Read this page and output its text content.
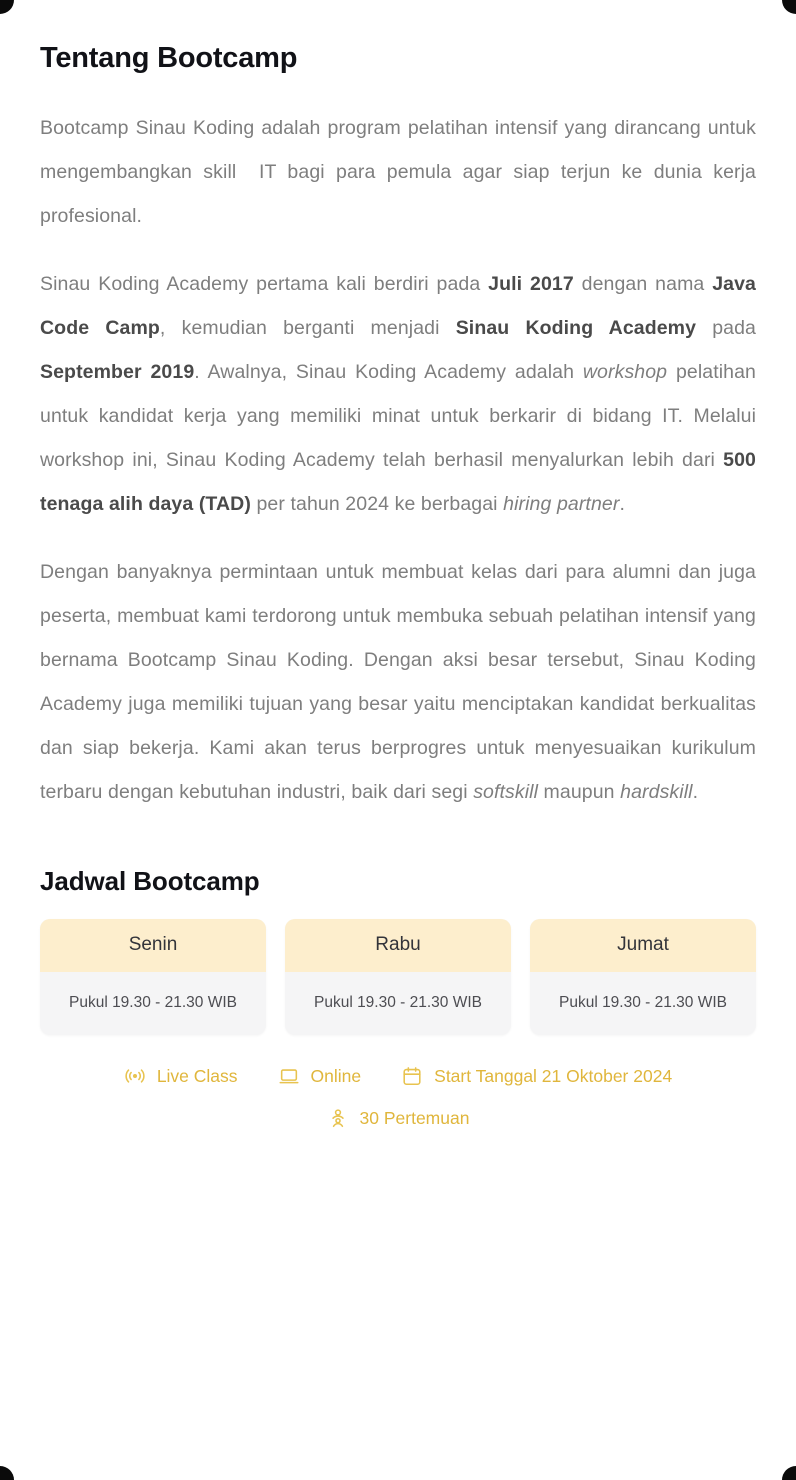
Tentang Bootcamp

Bootcamp Sinau Koding adalah program pelatihan intensif yang dirancang untuk mengembangkan skill  IT bagi para pemula agar siap terjun ke dunia kerja profesional.

Sinau Koding Academy pertama kali berdiri pada Juli 2017 dengan nama Java Code Camp, kemudian berganti menjadi Sinau Koding Academy pada September 2019. Awalnya, Sinau Koding Academy adalah workshop pelatihan untuk kandidat kerja yang memiliki minat untuk berkarir di bidang IT. Melalui workshop ini, Sinau Koding Academy telah berhasil menyalurkan lebih dari 500 tenaga alih daya (TAD) per tahun 2024 ke berbagai hiring partner.

Dengan banyaknya permintaan untuk membuat kelas dari para alumni dan juga peserta, membuat kami terdorong untuk membuka sebuah pelatihan intensif yang bernama Bootcamp Sinau Koding. Dengan aksi besar tersebut, Sinau Koding Academy juga memiliki tujuan yang besar yaitu menciptakan kandidat berkualitas dan siap bekerja. Kami akan terus berprogres untuk menyesuaikan kurikulum terbaru dengan kebutuhan industri, baik dari segi softskill maupun hardskill.

Jadwal Bootcamp
Senin
Pukul 19.30 - 21.30 WIB
Rabu
Pukul 19.30 - 21.30 WIB
Jumat
Pukul 19.30 - 21.30 WIB
Live Class	Online	Start Tanggal 21 Oktober 2024
30 Pertemuan
